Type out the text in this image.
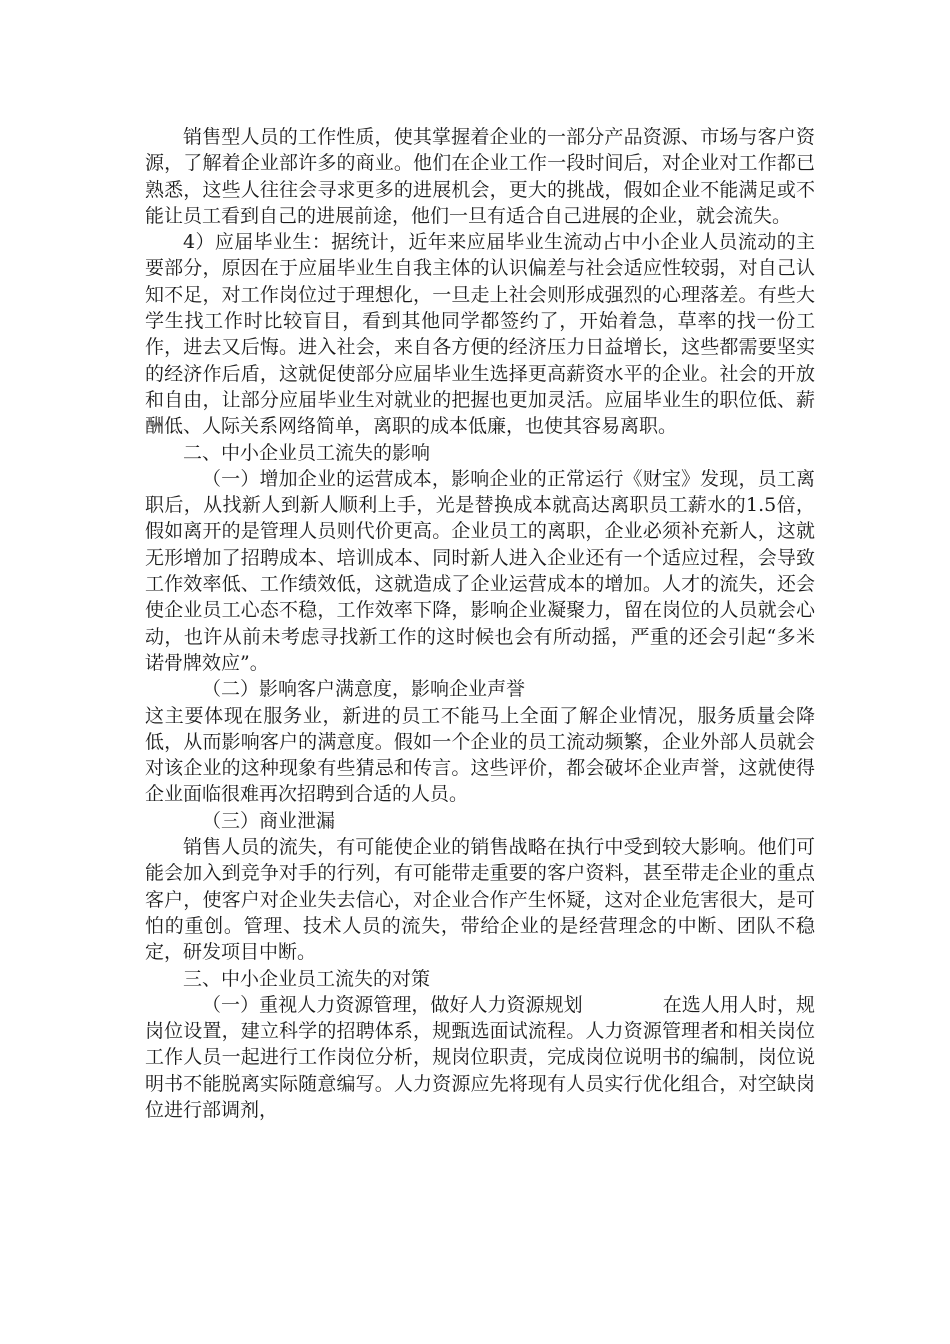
销售型人员的工作性质，使其掌握着企业的一部分产品资源、市场与客户资源，了解着企业部许多的商业。他们在企业工作一段时间后，对企业对工作都已熟悉，这些人往往会寻求更多的进展机会，更大的挑战，假如企业不能满足或不能让员工看到自己的进展前途，他们一旦有适合自己进展的企业，就会流失。

4）应届毕业生：据统计，近年来应届毕业生流动占中小企业人员流动的主要部分，原因在于应届毕业生自我主体的认识偏差与社会适应性较弱，对自己认知不足，对工作岗位过于理想化，一旦走上社会则形成强烈的心理落差。有些大学生找工作时比较盲目，看到其他同学都签约了，开始着急，草率的找一份工作，进去又后悔。进入社会，来自各方便的经济压力日益增长，这些都需要坚实的经济作后盾，这就促使部分应届毕业生选择更高薪资水平的企业。社会的开放和自由，让部分应届毕业生对就业的把握也更加灵活。应届毕业生的职位低、薪酬低、人际关系网络简单，离职的成本低廉，也使其容易离职。

二、中小企业员工流失的影响

（一）增加企业的运营成本，影响企业的正常运行《财宝》发现，员工离职后，从找新人到新人顺利上手，光是替换成本就高达离职员工薪水的1.5倍，假如离开的是管理人员则代价更高。企业员工的离职，企业必须补充新人，这就无形增加了招聘成本、培训成本、同时新人进入企业还有一个适应过程，会导致工作效率低、工作绩效低，这就造成了企业运营成本的增加。人才的流失，还会使企业员工心态不稳，工作效率下降，影响企业凝聚力，留在岗位的人员就会心动，也许从前未考虑寻找新工作的这时候也会有所动摇，严重的还会引起“多米诺骨牌效应”。

（二）影响客户满意度，影响企业声誉

这主要体现在服务业，新进的员工不能马上全面了解企业情况，服务质量会降低，从而影响客户的满意度。假如一个企业的员工流动频繁，企业外部人员就会对该企业的这种现象有些猜忌和传言。这些评价，都会破坏企业声誉，这就使得企业面临很难再次招聘到合适的人员。

（三）商业泄漏

销售人员的流失，有可能使企业的销售战略在执行中受到较大影响。他们可能会加入到竞争对手的行列，有可能带走重要的客户资料，甚至带走企业的重点客户，使客户对企业失去信心，对企业合作产生怀疑，这对企业危害很大，是可怕的重创。管理、技术人员的流失，带给企业的是经营理念的中断、团队不稳定，研发项目中断。

三、中小企业员工流失的对策

（一）重视人力资源管理，做好人力资源规划	在选人用人时，规岗位设置，建立科学的招聘体系，规甄选面试流程。人力资源管理者和相关岗位工作人员一起进行工作岗位分析，规岗位职责，完成岗位说明书的编制，岗位说明书不能脱离实际随意编写。人力资源应先将现有人员实行优化组合，对空缺岗位进行部调剂，
